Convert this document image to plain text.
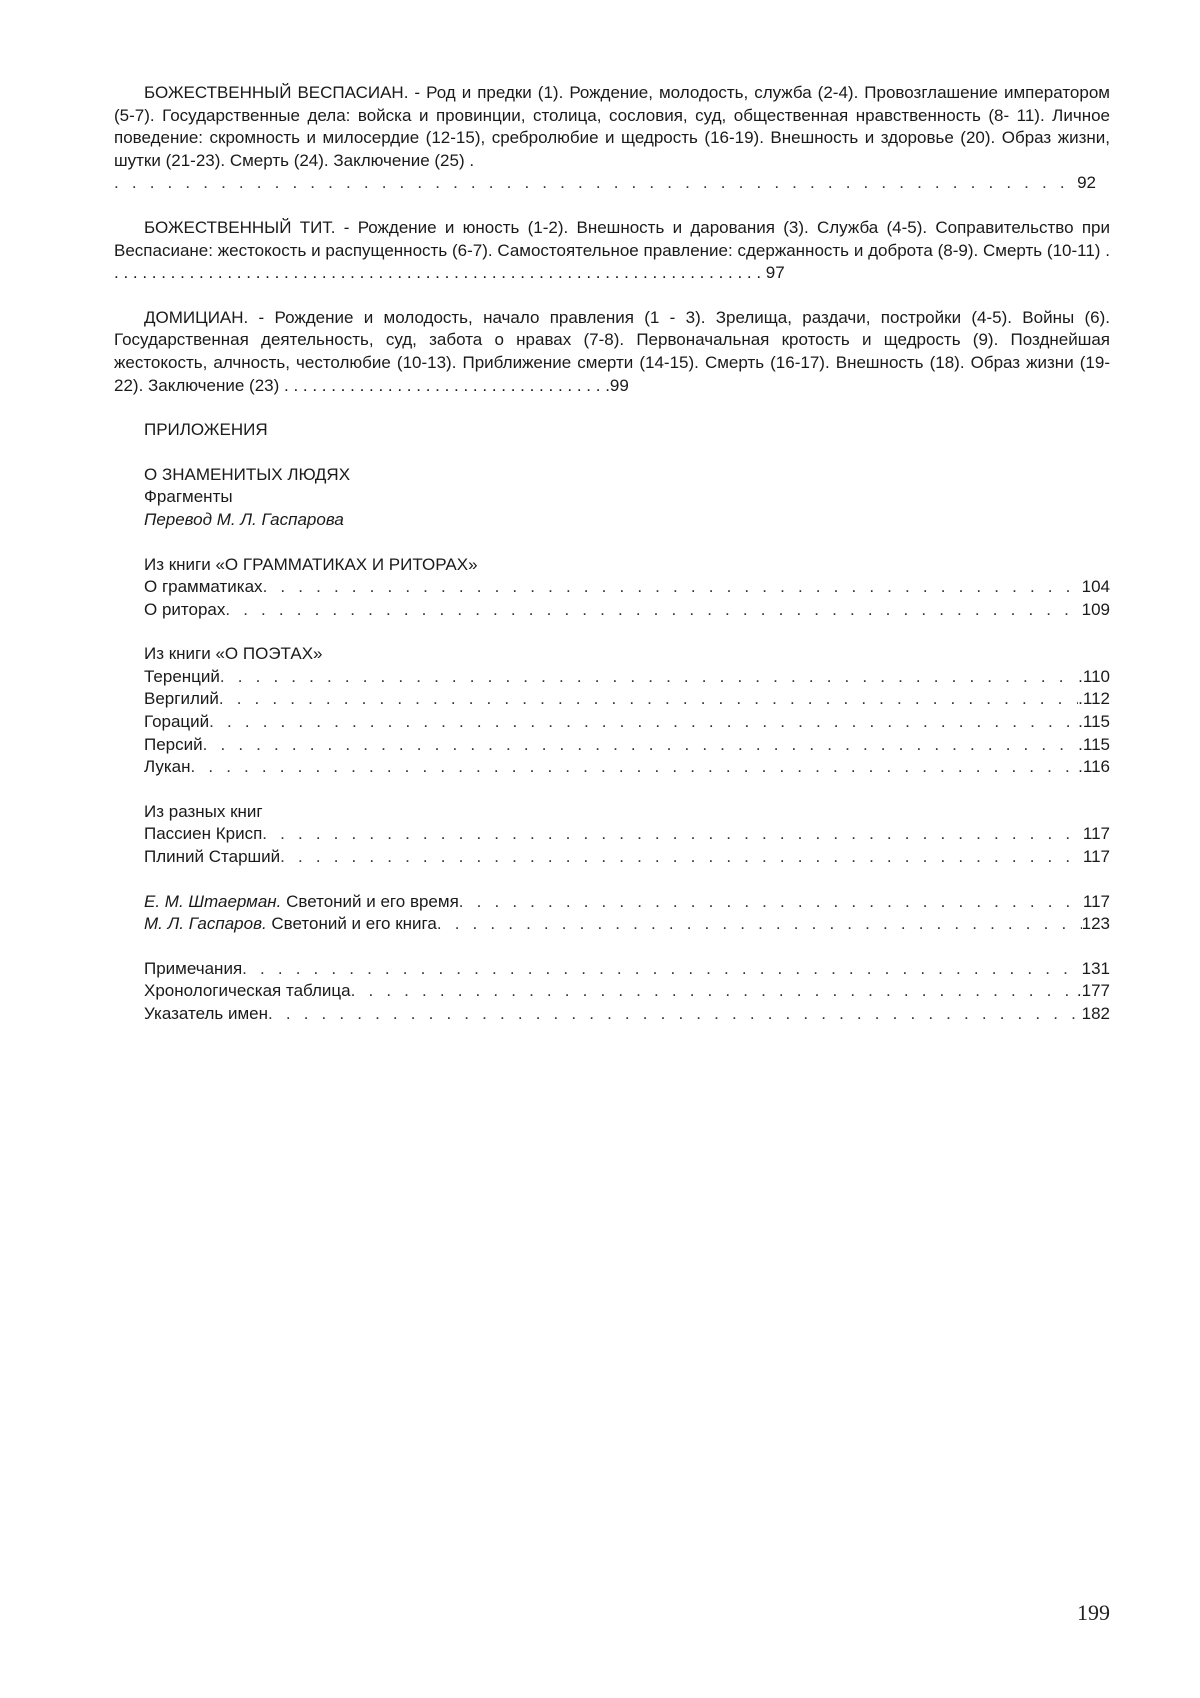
БОЖЕСТВЕННЫЙ ВЕСПАСИАН. - Род и предки (1). Рождение, молодость, служба (2-4). Провозглашение императором (5-7). Государственные дела: войска и провинции, столица, сословия, суд, общественная нравственность (8- 11). Личное поведение: скромность и милосердие (12-15), сребролюбие и щедрость (16-19). Внешность и здоровье (20). Образ жизни, шутки (21-23). Смерть (24). Заключение (25) .

. . .
92

БОЖЕСТВЕННЫЙ ТИТ. - Рождение и юность (1-2). Внешность и дарования (3). Служба (4-5). Соправительство при Веспасиане: жестокость и распущенность (6-7). Самостоятельное правление: сдержанность и доброта (8-9). Смерть (10-11) . . . . . . . . . . . . . . . . . . . . . . . . . . . . . . . . . . . . . . . . . . . . . . . . . . . . . . . . . . . . . . . . . . . . . . 97

ДОМИЦИАН. - Рождение и молодость, начало правления (1 - 3). Зрелища, раздачи, постройки (4-5). Войны (6). Государственная деятельность, суд, забота о нравах (7-8). Первоначальная кротость и щедрость (9). Позднейшая жестокость, алчность, честолюбие (10-13). Приближение смерти (14-15). Смерть (16-17). Внешность (18). Образ жизни (19-22). Заключение (23) . . . . . . . . . . . . . . . . . . . . . . . . . . . . . . . . . . .99

ПРИЛОЖЕНИЯ
О ЗНАМЕНИТЫХ ЛЮДЯХ
Фрагменты
Перевод М. Л. Гаспарова
Из книги «О ГРАММАТИКАХ И РИТОРАХ»
О грамматиках . . .	104
О риторах . . .	109
Из книги «О ПОЭТАХ»
Теренций . . .	.110
Вергилий . . .	.112
Гораций . . .	.115
Персий . . .	.115
Лукан . . .	.116
Из разных книг
Пассиен Крисп . . .	117
Плиний Старший . . .	117
Е. М. Штаерман. Светоний и его время . . .	117
М. Л. Гаспаров. Светоний и его книга . . .	123
Примечания . . .	131
Хронологическая таблица . . .	.177
Указатель имен . . .	182
199
